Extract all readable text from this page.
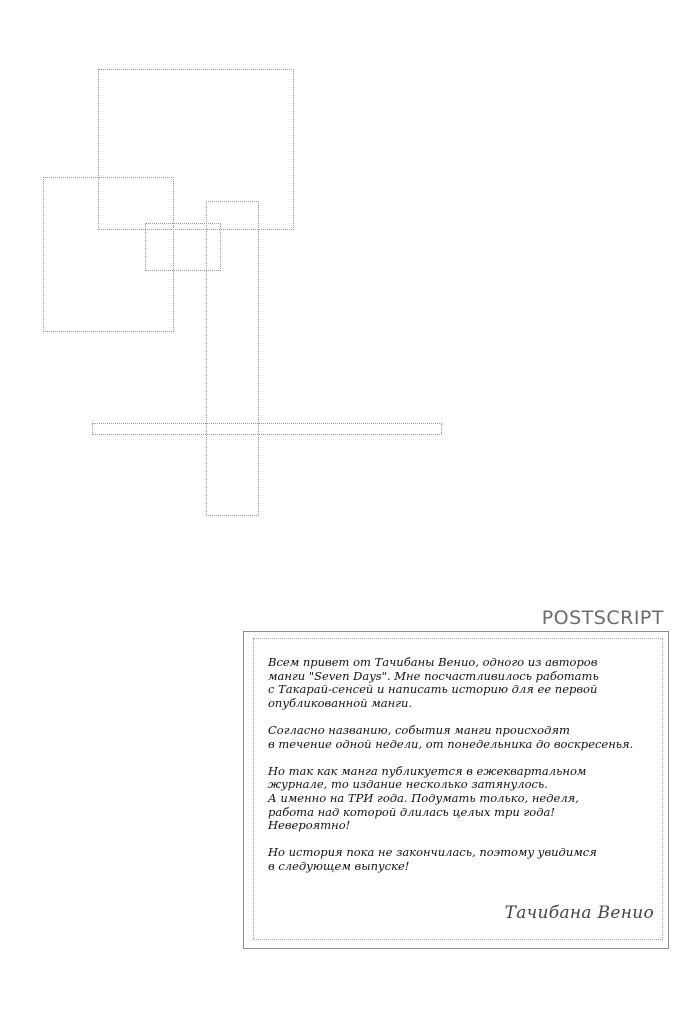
POSTSCRIPT

Всем привет от Тачибаны Венио, одного из авторов
манги "Seven Days". Мне посчастливилось работать
с Такарай-сенсей и написать историю для ее первой
опубликованной манги.

Согласно названию, события манги происходят
в течение одной недели, от понедельника до воскресенья.

Но так как манга публикуется в ежеквартальном
журнале, то издание несколько затянулось.
А именно на ТРИ года. Подумать только, неделя,
работа над которой длилась целых три года!
Невероятно!

Но история пока не закончилась, поэтому увидимся
в следующем выпуске!

Тачибана Венио
